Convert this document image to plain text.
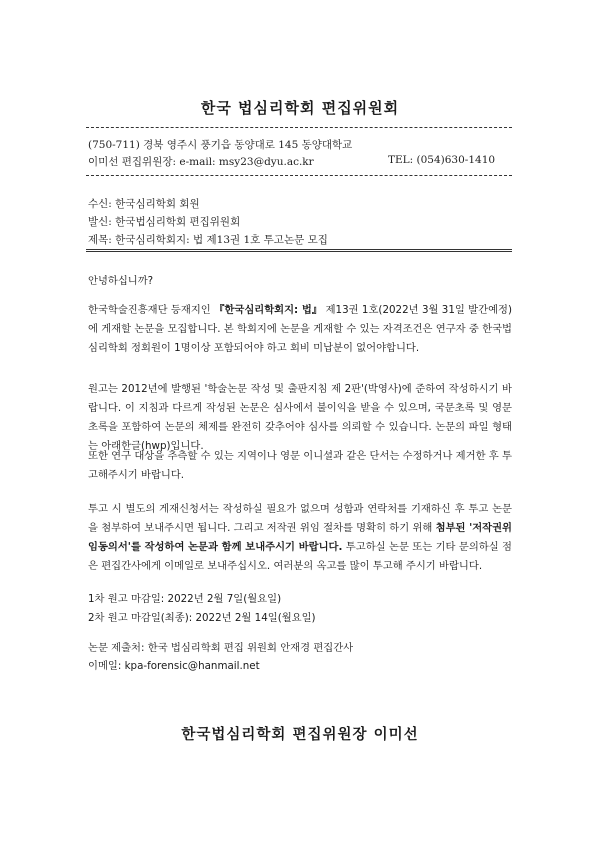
한국 법심리학회 편집위원회
(750-711) 경북 영주시 풍기읍 동양대로 145 동양대학교
이미선 편집위원장: e-mail: msy23@dyu.ac.kr	TEL: (054)630-1410
수신: 한국심리학회 회원
발신: 한국법심리학회 편집위원회
제목: 한국심리학회지: 법 제13권 1호 투고논문 모집
안녕하십니까?

한국학술진흥재단 등재지인 『한국심리학회지: 법』 제13권 1호(2022년 3월 31일 발간예정)에 게재할 논문을 모집합니다. 본 학회지에 논문을 게재할 수 있는 자격조건은 연구자 중 한국법심리학회 정회원이 1명이상 포함되어야 하고 회비 미납분이 없어야합니다.

원고는 2012년에 발행된 '학술논문 작성 및 출판지침 제 2판'(박영사)에 준하여 작성하시기 바랍니다. 이 지침과 다르게 작성된 논문은 심사에서 불이익을 받을 수 있으며, 국문초록 및 영문초록을 포함하여 논문의 체제를 완전히 갖추어야 심사를 의뢰할 수 있습니다. 논문의 파일 형태는 아래한글(hwp)입니다.
또한 연구 대상을 추측할 수 있는 지역이나 영문 이니셜과 같은 단서는 수정하거나 제거한 후 투고해주시기 바랍니다.

투고 시 별도의 게재신청서는 작성하실 필요가 없으며 성함과 연락처를 기재하신 후 투고 논문을 첨부하여 보내주시면 됩니다. 그리고 저작권 위임 절차를 명확히 하기 위해 첨부된 '저작권위임동의서'를 작성하여 논문과 함께 보내주시기 바랍니다. 투고하실 논문 또는 기타 문의하실 점은 편집간사에게 이메일로 보내주십시오. 여러분의 옥고를 많이 투고해 주시기 바랍니다.

1차 원고 마감일: 2022년 2월 7일(월요일)
2차 원고 마감일(최종): 2022년 2월 14일(월요일)
논문 제출처: 한국 법심리학회 편집 위원회 안재경 편집간사
이메일: kpa-forensic@hanmail.net
한국법심리학회 편집위원장 이미선
